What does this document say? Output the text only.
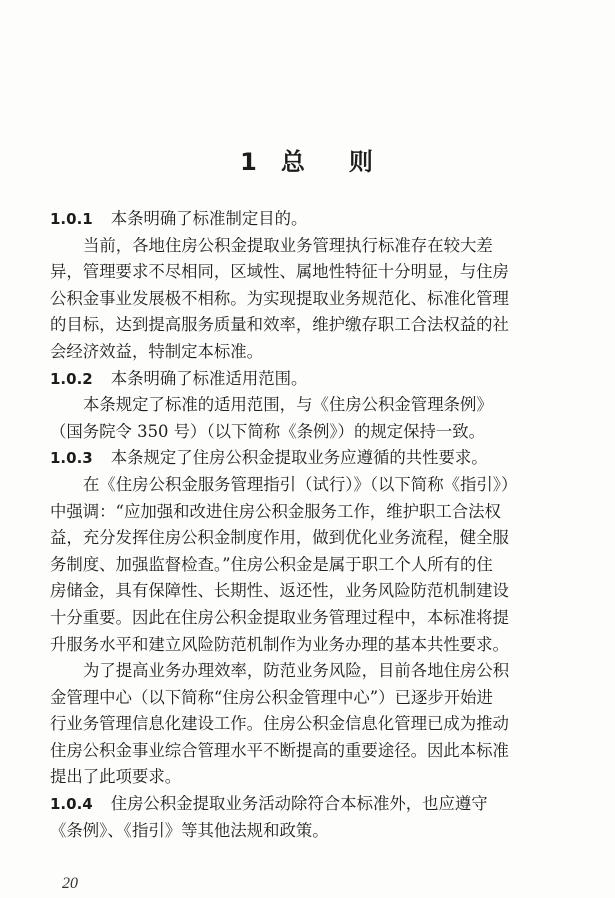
1 总 则
1.0.1 本条明确了标准制定目的。
当前，各地住房公积金提取业务管理执行标准存在较大差
异，管理要求不尽相同，区域性、属地性特征十分明显，与住房
公积金事业发展极不相称。为实现提取业务规范化、标准化管理
的目标，达到提高服务质量和效率，维护缴存职工合法权益的社
会经济效益，特制定本标准。
1.0.2 本条明确了标准适用范围。
本条规定了标准的适用范围，与《住房公积金管理条例》
（国务院令 350 号）（以下简称《条例》）的规定保持一致。
1.0.3 本条规定了住房公积金提取业务应遵循的共性要求。
在《住房公积金服务管理指引（试行）》（以下简称《指引》）
中强调：“应加强和改进住房公积金服务工作，维护职工合法权
益，充分发挥住房公积金制度作用，做到优化业务流程，健全服
务制度、加强监督检查。”住房公积金是属于职工个人所有的住
房储金，具有保障性、长期性、返还性，业务风险防范机制建设
十分重要。因此在住房公积金提取业务管理过程中，本标准将提
升服务水平和建立风险防范机制作为业务办理的基本共性要求。
为了提高业务办理效率，防范业务风险，目前各地住房公积
金管理中心（以下简称“住房公积金管理中心”）已逐步开始进
行业务管理信息化建设工作。住房公积金信息化管理已成为推动
住房公积金事业综合管理水平不断提高的重要途径。因此本标准
提出了此项要求。
1.0.4 住房公积金提取业务活动除符合本标准外，也应遵守
《条例》、《指引》等其他法规和政策。
20
